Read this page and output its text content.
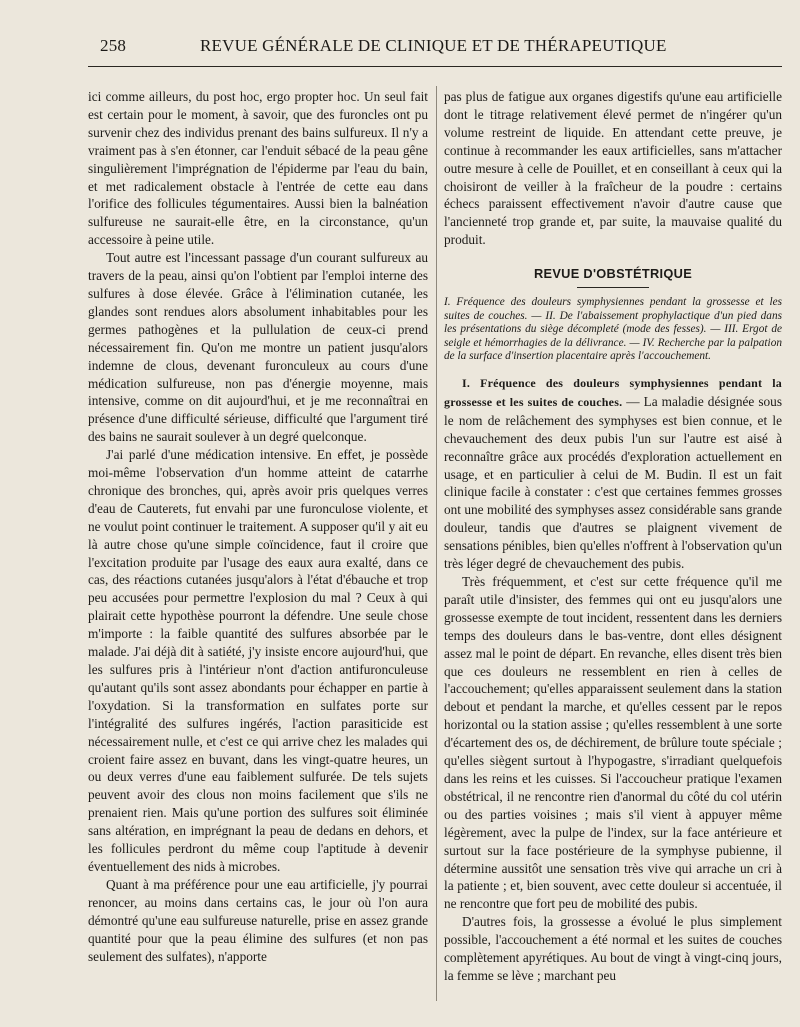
258	REVUE GÉNÉRALE DE CLINIQUE ET DE THÉRAPEUTIQUE

ici comme ailleurs, du post hoc, ergo propter hoc. Un seul fait est certain pour le moment, à savoir, que des furoncles ont pu survenir chez des individus prenant des bains sulfureux. Il n'y a vraiment pas à s'en étonner, car l'enduit sébacé de la peau gêne singulièrement l'imprégnation de l'épiderme par l'eau du bain, et met radicalement obstacle à l'entrée de cette eau dans l'orifice des follicules tégumentaires. Aussi bien la balnéation sulfureuse ne saurait-elle être, en la circonstance, qu'un accessoire à peine utile.

Tout autre est l'incessant passage d'un courant sulfureux au travers de la peau, ainsi qu'on l'obtient par l'emploi interne des sulfures à dose élevée. Grâce à l'élimination cutanée, les glandes sont rendues alors absolument inhabitables pour les germes pathogènes et la pullulation de ceux-ci prend nécessairement fin. Qu'on me montre un patient jusqu'alors indemne de clous, devenant furonculeux au cours d'une médication sulfureuse, non pas d'énergie moyenne, mais intensive, comme on dit aujourd'hui, et je me reconnaîtrai en présence d'une difficulté sérieuse, difficulté que l'argument tiré des bains ne saurait soulever à un degré quelconque.

J'ai parlé d'une médication intensive. En effet, je possède moi-même l'observation d'un homme atteint de catarrhe chronique des bronches, qui, après avoir pris quelques verres d'eau de Cauterets, fut envahi par une furonculose violente, et ne voulut point continuer le traitement. A supposer qu'il y ait eu là autre chose qu'une simple coïncidence, faut il croire que l'excitation produite par l'usage des eaux aura exalté, dans ce cas, des réactions cutanées jusqu'alors à l'état d'ébauche et trop peu accusées pour permettre l'explosion du mal ? Ceux à qui plairait cette hypothèse pourront la défendre. Une seule chose m'importe : la faible quantité des sulfures absorbée par le malade. J'ai déjà dit à satiété, j'y insiste encore aujourd'hui, que les sulfures pris à l'intérieur n'ont d'action antifuronculeuse qu'autant qu'ils sont assez abondants pour échapper en partie à l'oxydation. Si la transformation en sulfates porte sur l'intégralité des sulfures ingérés, l'action parasiticide est nécessairement nulle, et c'est ce qui arrive chez les malades qui croient faire assez en buvant, dans les vingt-quatre heures, un ou deux verres d'une eau faiblement sulfurée. De tels sujets peuvent avoir des clous non moins facilement que s'ils ne prenaient rien. Mais qu'une portion des sulfures soit éliminée sans altération, en imprégnant la peau de dedans en dehors, et les follicules perdront du même coup l'aptitude à devenir éventuellement des nids à microbes.

Quant à ma préférence pour une eau artificielle, j'y pourrai renoncer, au moins dans certains cas, le jour où l'on aura démontré qu'une eau sulfureuse naturelle, prise en assez grande quantité pour que la peau élimine des sulfures (et non pas seulement des sulfates), n'apporte

pas plus de fatigue aux organes digestifs qu'une eau artificielle dont le titrage relativement élevé permet de n'ingérer qu'un volume restreint de liquide. En attendant cette preuve, je continue à recommander les eaux artificielles, sans m'attacher outre mesure à celle de Pouillet, et en conseillant à ceux qui la choisiront de veiller à la fraîcheur de la poudre : certains échecs paraissent effectivement n'avoir d'autre cause que l'ancienneté trop grande et, par suite, la mauvaise qualité du produit.

REVUE D'OBSTÉTRIQUE

I. Fréquence des douleurs symphysiennes pendant la grossesse et les suites de couches. — II. De l'abaissement prophylactique d'un pied dans les présentations du siège décompleté (mode des fesses). — III. Ergot de seigle et hémorrhagies de la délivrance. — IV. Recherche par la palpation de la surface d'insertion placentaire après l'accouchement.

I. Fréquence des douleurs symphysiennes pendant la grossesse et les suites de couches. — La maladie désignée sous le nom de relâchement des symphyses est bien connue, et le chevauchement des deux pubis l'un sur l'autre est aisé à reconnaître grâce aux procédés d'exploration actuellement en usage, et en particulier à celui de M. Budin. Il est un fait clinique facile à constater : c'est que certaines femmes grosses ont une mobilité des symphyses assez considérable sans grande douleur, tandis que d'autres se plaignent vivement de sensations pénibles, bien qu'elles n'offrent à l'observation qu'un très léger degré de chevauchement des pubis.

Très fréquemment, et c'est sur cette fréquence qu'il me paraît utile d'insister, des femmes qui ont eu jusqu'alors une grossesse exempte de tout incident, ressentent dans les derniers temps des douleurs dans le bas-ventre, dont elles désignent assez mal le point de départ. En revanche, elles disent très bien que ces douleurs ne ressemblent en rien à celles de l'accouchement; qu'elles apparaissent seulement dans la station debout et pendant la marche, et qu'elles cessent par le repos horizontal ou la station assise ; qu'elles ressemblent à une sorte d'écartement des os, de déchirement, de brûlure toute spéciale ; qu'elles siègent surtout à l'hypogastre, s'irradiant quelquefois dans les reins et les cuisses. Si l'accoucheur pratique l'examen obstétrical, il ne rencontre rien d'anormal du côté du col utérin ou des parties voisines ; mais s'il vient à appuyer même légèrement, avec la pulpe de l'index, sur la face antérieure et surtout sur la face postérieure de la symphyse pubienne, il détermine aussitôt une sensation très vive qui arrache un cri à la patiente ; et, bien souvent, avec cette douleur si accentuée, il ne rencontre que fort peu de mobilité des pubis.

D'autres fois, la grossesse a évolué le plus simplement possible, l'accouchement a été normal et les suites de couches complètement apyrétiques. Au bout de vingt à vingt-cinq jours, la femme se lève ; marchant peu
